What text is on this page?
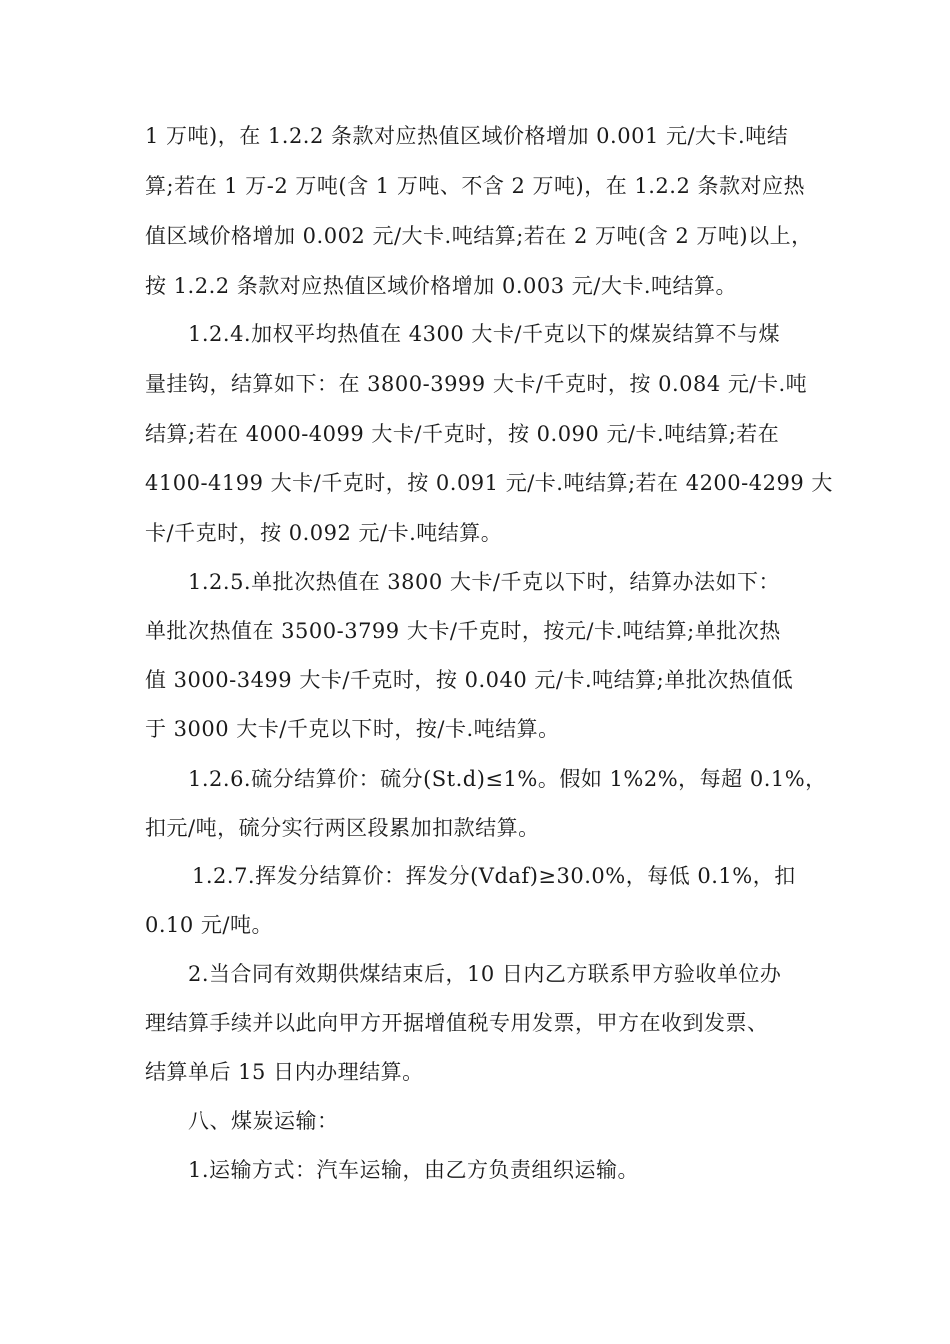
1 万吨)，在 1.2.2 条款对应热值区域价格增加 0.001 元/大卡.吨结
算;若在 1 万-2 万吨(含 1 万吨、不含 2 万吨)，在 1.2.2 条款对应热
值区域价格增加 0.002 元/大卡.吨结算;若在 2 万吨(含 2 万吨)以上，
按 1.2.2 条款对应热值区域价格增加 0.003 元/大卡.吨结算。
1.2.4.加权平均热值在 4300 大卡/千克以下的煤炭结算不与煤
量挂钩，结算如下：在 3800-3999 大卡/千克时，按 0.084 元/卡.吨
结算;若在 4000-4099 大卡/千克时，按 0.090 元/卡.吨结算;若在
4100-4199 大卡/千克时，按 0.091 元/卡.吨结算;若在 4200-4299 大
卡/千克时，按 0.092 元/卡.吨结算。
1.2.5.单批次热值在 3800 大卡/千克以下时，结算办法如下：
单批次热值在 3500-3799 大卡/千克时，按元/卡.吨结算;单批次热
值 3000-3499 大卡/千克时，按 0.040 元/卡.吨结算;单批次热值低
于 3000 大卡/千克以下时，按/卡.吨结算。
1.2.6.硫分结算价：硫分(St.d)≤1%。假如 1%2%，每超 0.1%，
扣元/吨，硫分实行两区段累加扣款结算。
1.2.7.挥发分结算价：挥发分(Vdaf)≥30.0%，每低 0.1%，扣
0.10 元/吨。
2.当合同有效期供煤结束后，10 日内乙方联系甲方验收单位办
理结算手续并以此向甲方开据增值税专用发票，甲方在收到发票、
结算单后 15 日内办理结算。
八、煤炭运输：
1.运输方式：汽车运输，由乙方负责组织运输。
